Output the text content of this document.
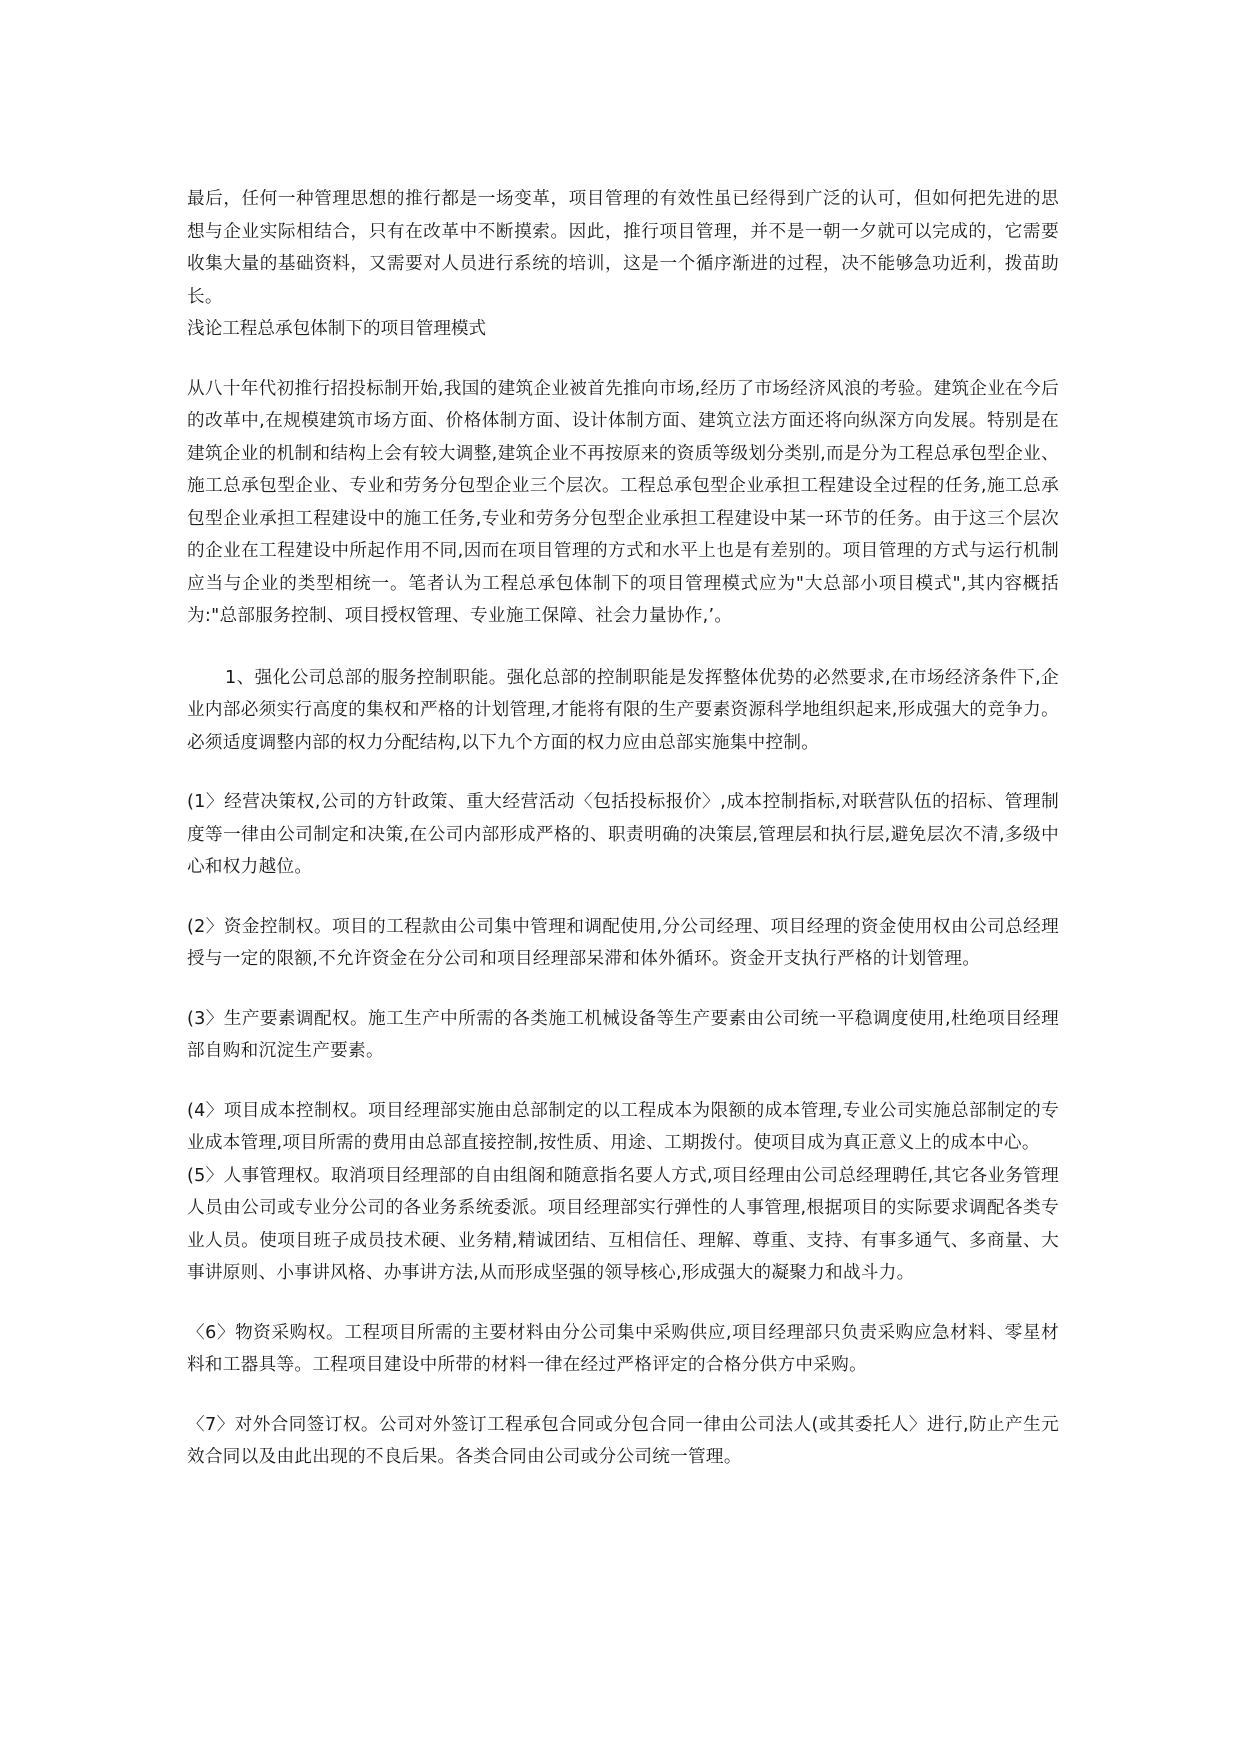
最后，任何一种管理思想的推行都是一场变革，项目管理的有效性虽已经得到广泛的认可，但如何把先进的思想与企业实际相结合，只有在改革中不断摸索。因此，推行项目管理，并不是一朝一夕就可以完成的，它需要收集大量的基础资料，又需要对人员进行系统的培训，这是一个循序渐进的过程，决不能够急功近利，拨苗助长。

浅论工程总承包体制下的项目管理模式

从八十年代初推行招投标制开始,我国的建筑企业被首先推向市场,经历了市场经济风浪的考验。建筑企业在今后的改革中,在规模建筑市场方面、价格体制方面、设计体制方面、建筑立法方面还将向纵深方向发展。特别是在建筑企业的机制和结构上会有较大调整,建筑企业不再按原来的资质等级划分类别,而是分为工程总承包型企业、施工总承包型企业、专业和劳务分包型企业三个层次。工程总承包型企业承担工程建设全过程的任务,施工总承包型企业承担工程建设中的施工任务,专业和劳务分包型企业承担工程建设中某一环节的任务。由于这三个层次的企业在工程建设中所起作用不同,因而在项目管理的方式和水平上也是有差别的。项目管理的方式与运行机制应当与企业的类型相统一。笔者认为工程总承包体制下的项目管理模式应为"大总部小项目模式",其内容概括为:"总部服务控制、项目授权管理、专业施工保障、社会力量协作,’。

1、强化公司总部的服务控制职能。强化总部的控制职能是发挥整体优势的必然要求,在市场经济条件下,企业内部必须实行高度的集权和严格的计划管理,才能将有限的生产要素资源科学地组织起来,形成强大的竞争力。必须适度调整内部的权力分配结构,以下九个方面的权力应由总部实施集中控制。

(1〉经营决策权,公司的方针政策、重大经营活动〈包括投标报价〉,成本控制指标,对联营队伍的招标、管理制度等一律由公司制定和决策,在公司内部形成严格的、职责明确的决策层,管理层和执行层,避免层次不清,多级中心和权力越位。

(2〉资金控制权。项目的工程款由公司集中管理和调配使用,分公司经理、项目经理的资金使用权由公司总经理授与一定的限额,不允许资金在分公司和项目经理部呆滞和体外循环。资金开支执行严格的计划管理。

(3〉生产要素调配权。施工生产中所需的各类施工机械设备等生产要素由公司统一平稳调度使用,杜绝项目经理部自购和沉淀生产要素。

(4〉项目成本控制权。项目经理部实施由总部制定的以工程成本为限额的成本管理,专业公司实施总部制定的专业成本管理,项目所需的费用由总部直接控制,按性质、用途、工期拨付。使项目成为真正意义上的成本中心。

(5〉人事管理权。取消项目经理部的自由组阁和随意指名要人方式,项目经理由公司总经理聘任,其它各业务管理人员由公司或专业分公司的各业务系统委派。项目经理部实行弹性的人事管理,根据项目的实际要求调配各类专业人员。使项目班子成员技术硬、业务精,精诚团结、互相信任、理解、尊重、支持、有事多通气、多商量、大事讲原则、小事讲风格、办事讲方法,从而形成坚强的领导核心,形成强大的凝聚力和战斗力。

〈6〉物资采购权。工程项目所需的主要材料由分公司集中采购供应,项目经理部只负责采购应急材料、零星材料和工器具等。工程项目建设中所带的材料一律在经过严格评定的合格分供方中采购。

〈7〉对外合同签订权。公司对外签订工程承包合同或分包合同一律由公司法人(或其委托人〉进行,防止产生元效合同以及由此出现的不良后果。各类合同由公司或分公司统一管理。
